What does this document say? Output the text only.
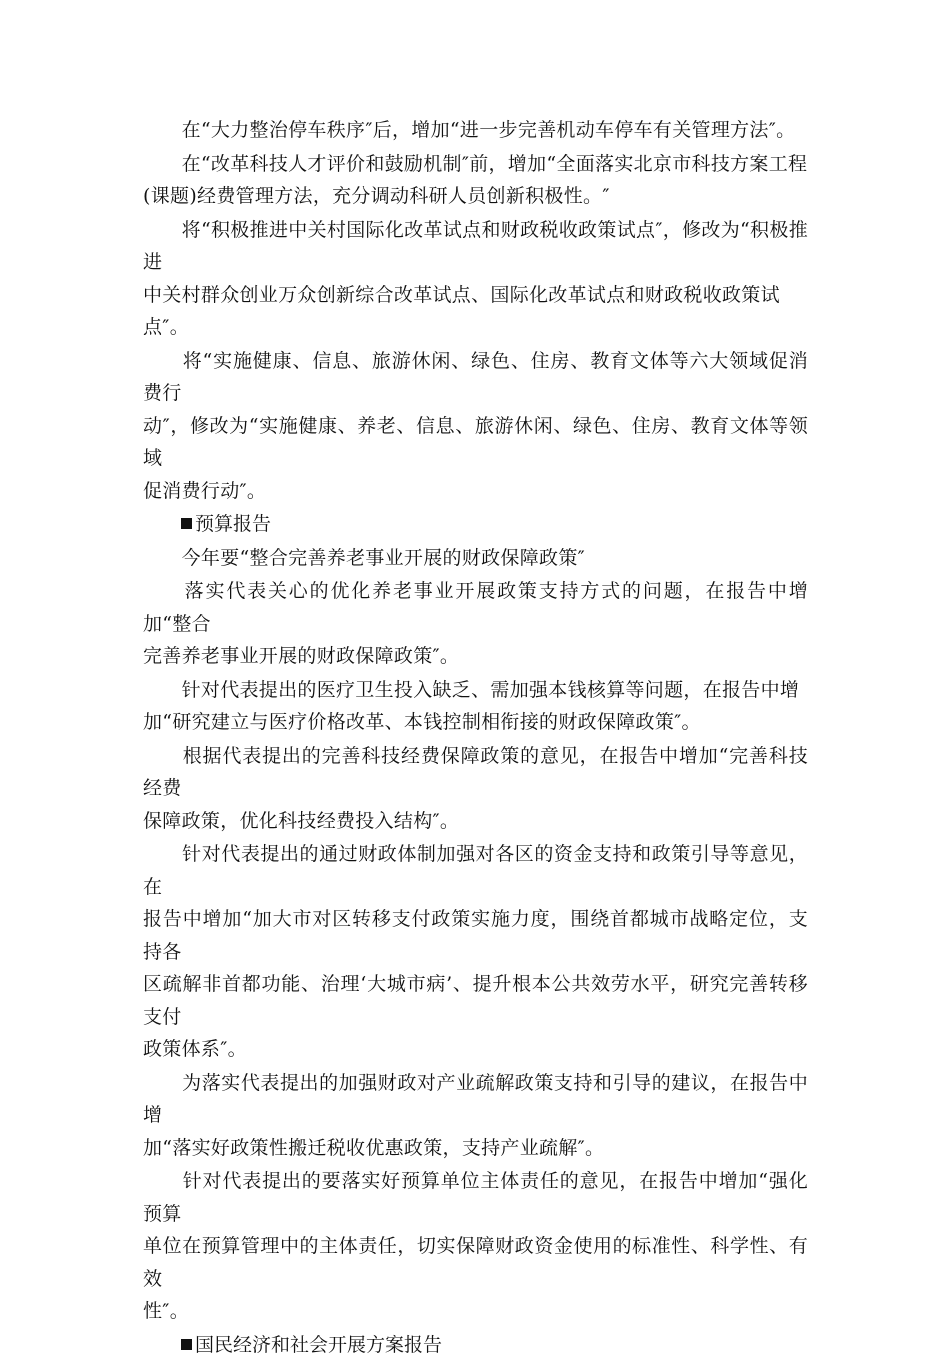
　　在“大力整治停车秩序″后，增加“进一步完善机动车停车有关管理方法″。
　　在“改革科技人才评价和鼓励机制″前，增加“全面落实北京市科技方案工程
(课题)经费管理方法，充分调动科研人员创新积极性。″
　　将“积极推进中关村国际化改革试点和财政税收政策试点″，修改为“积极推进
中关村群众创业万众创新综合改革试点、国际化改革试点和财政税收政策试
点″。
　　将“实施健康、信息、旅游休闲、绿色、住房、教育文体等六大领域促消费行
动″，修改为“实施健康、养老、信息、旅游休闲、绿色、住房、教育文体等领域
促消费行动″。
预算报告
　　今年要“整合完善养老事业开展的财政保障政策″
　　落实代表关心的优化养老事业开展政策支持方式的问题，在报告中增加“整合
完善养老事业开展的财政保障政策″。
　　针对代表提出的医疗卫生投入缺乏、需加强本钱核算等问题，在报告中增
加“研究建立与医疗价格改革、本钱控制相衔接的财政保障政策″。
　　根据代表提出的完善科技经费保障政策的意见，在报告中增加“完善科技经费
保障政策，优化科技经费投入结构″。
　　针对代表提出的通过财政体制加强对各区的资金支持和政策引导等意见，在
报告中增加“加大市对区转移支付政策实施力度，围绕首都城市战略定位，支持各
区疏解非首都功能、治理‘大城市病’、提升根本公共效劳水平，研究完善转移支付
政策体系″。
　　为落实代表提出的加强财政对产业疏解政策支持和引导的建议，在报告中增
加“落实好政策性搬迁税收优惠政策，支持产业疏解″。
　　针对代表提出的要落实好预算单位主体责任的意见，在报告中增加“强化预算
单位在预算管理中的主体责任，切实保障财政资金使用的标准性、科学性、有效
性″。
国民经济和社会开展方案报告
